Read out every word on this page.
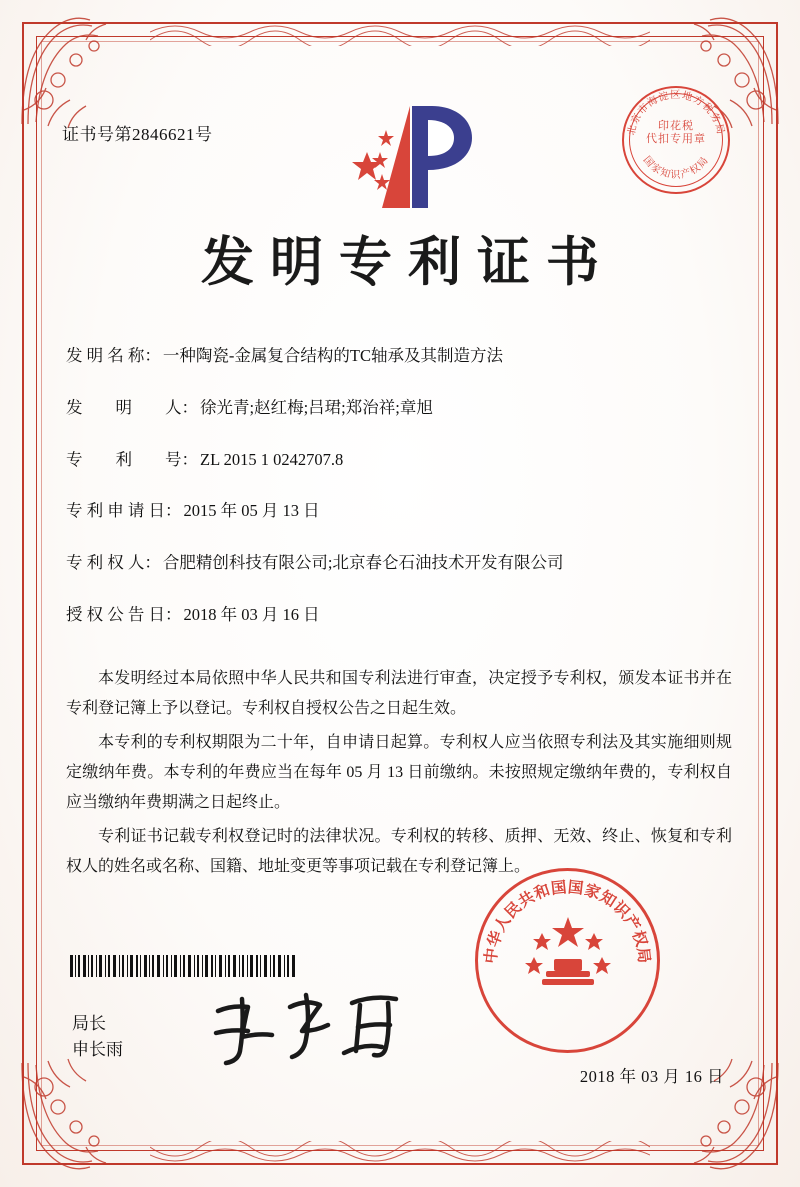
证书号第2846621号	北京市海淀区地方税务局
国家知识产权局
印花税
代扣专用章
发明专利证书
发 明 名 称： 一种陶瓷-金属复合结构的TC轴承及其制造方法
发　　明　　人： 徐光青;赵红梅;吕珺;郑治祥;章旭
专　　利　　号： ZL 2015 1 0242707.8
专 利 申 请 日： 2015 年 05 月 13 日
专 利 权 人： 合肥精创科技有限公司;北京春仑石油技术开发有限公司
授 权 公 告 日： 2018 年 03 月 16 日

本发明经过本局依照中华人民共和国专利法进行审查，决定授予专利权，颁发本证书并在专利登记簿上予以登记。专利权自授权公告之日起生效。

本专利的专利权期限为二十年，自申请日起算。专利权人应当依照专利法及其实施细则规定缴纳年费。本专利的年费应当在每年 05 月 13 日前缴纳。未按照规定缴纳年费的，专利权自应当缴纳年费期满之日起终止。

专利证书记载专利权登记时的法律状况。专利权的转移、质押、无效、终止、恢复和专利权人的姓名或名称、国籍、地址变更等事项记载在专利登记簿上。

局长
申长雨
中华人民共和国国家知识产权局
2018 年 03 月 16 日
